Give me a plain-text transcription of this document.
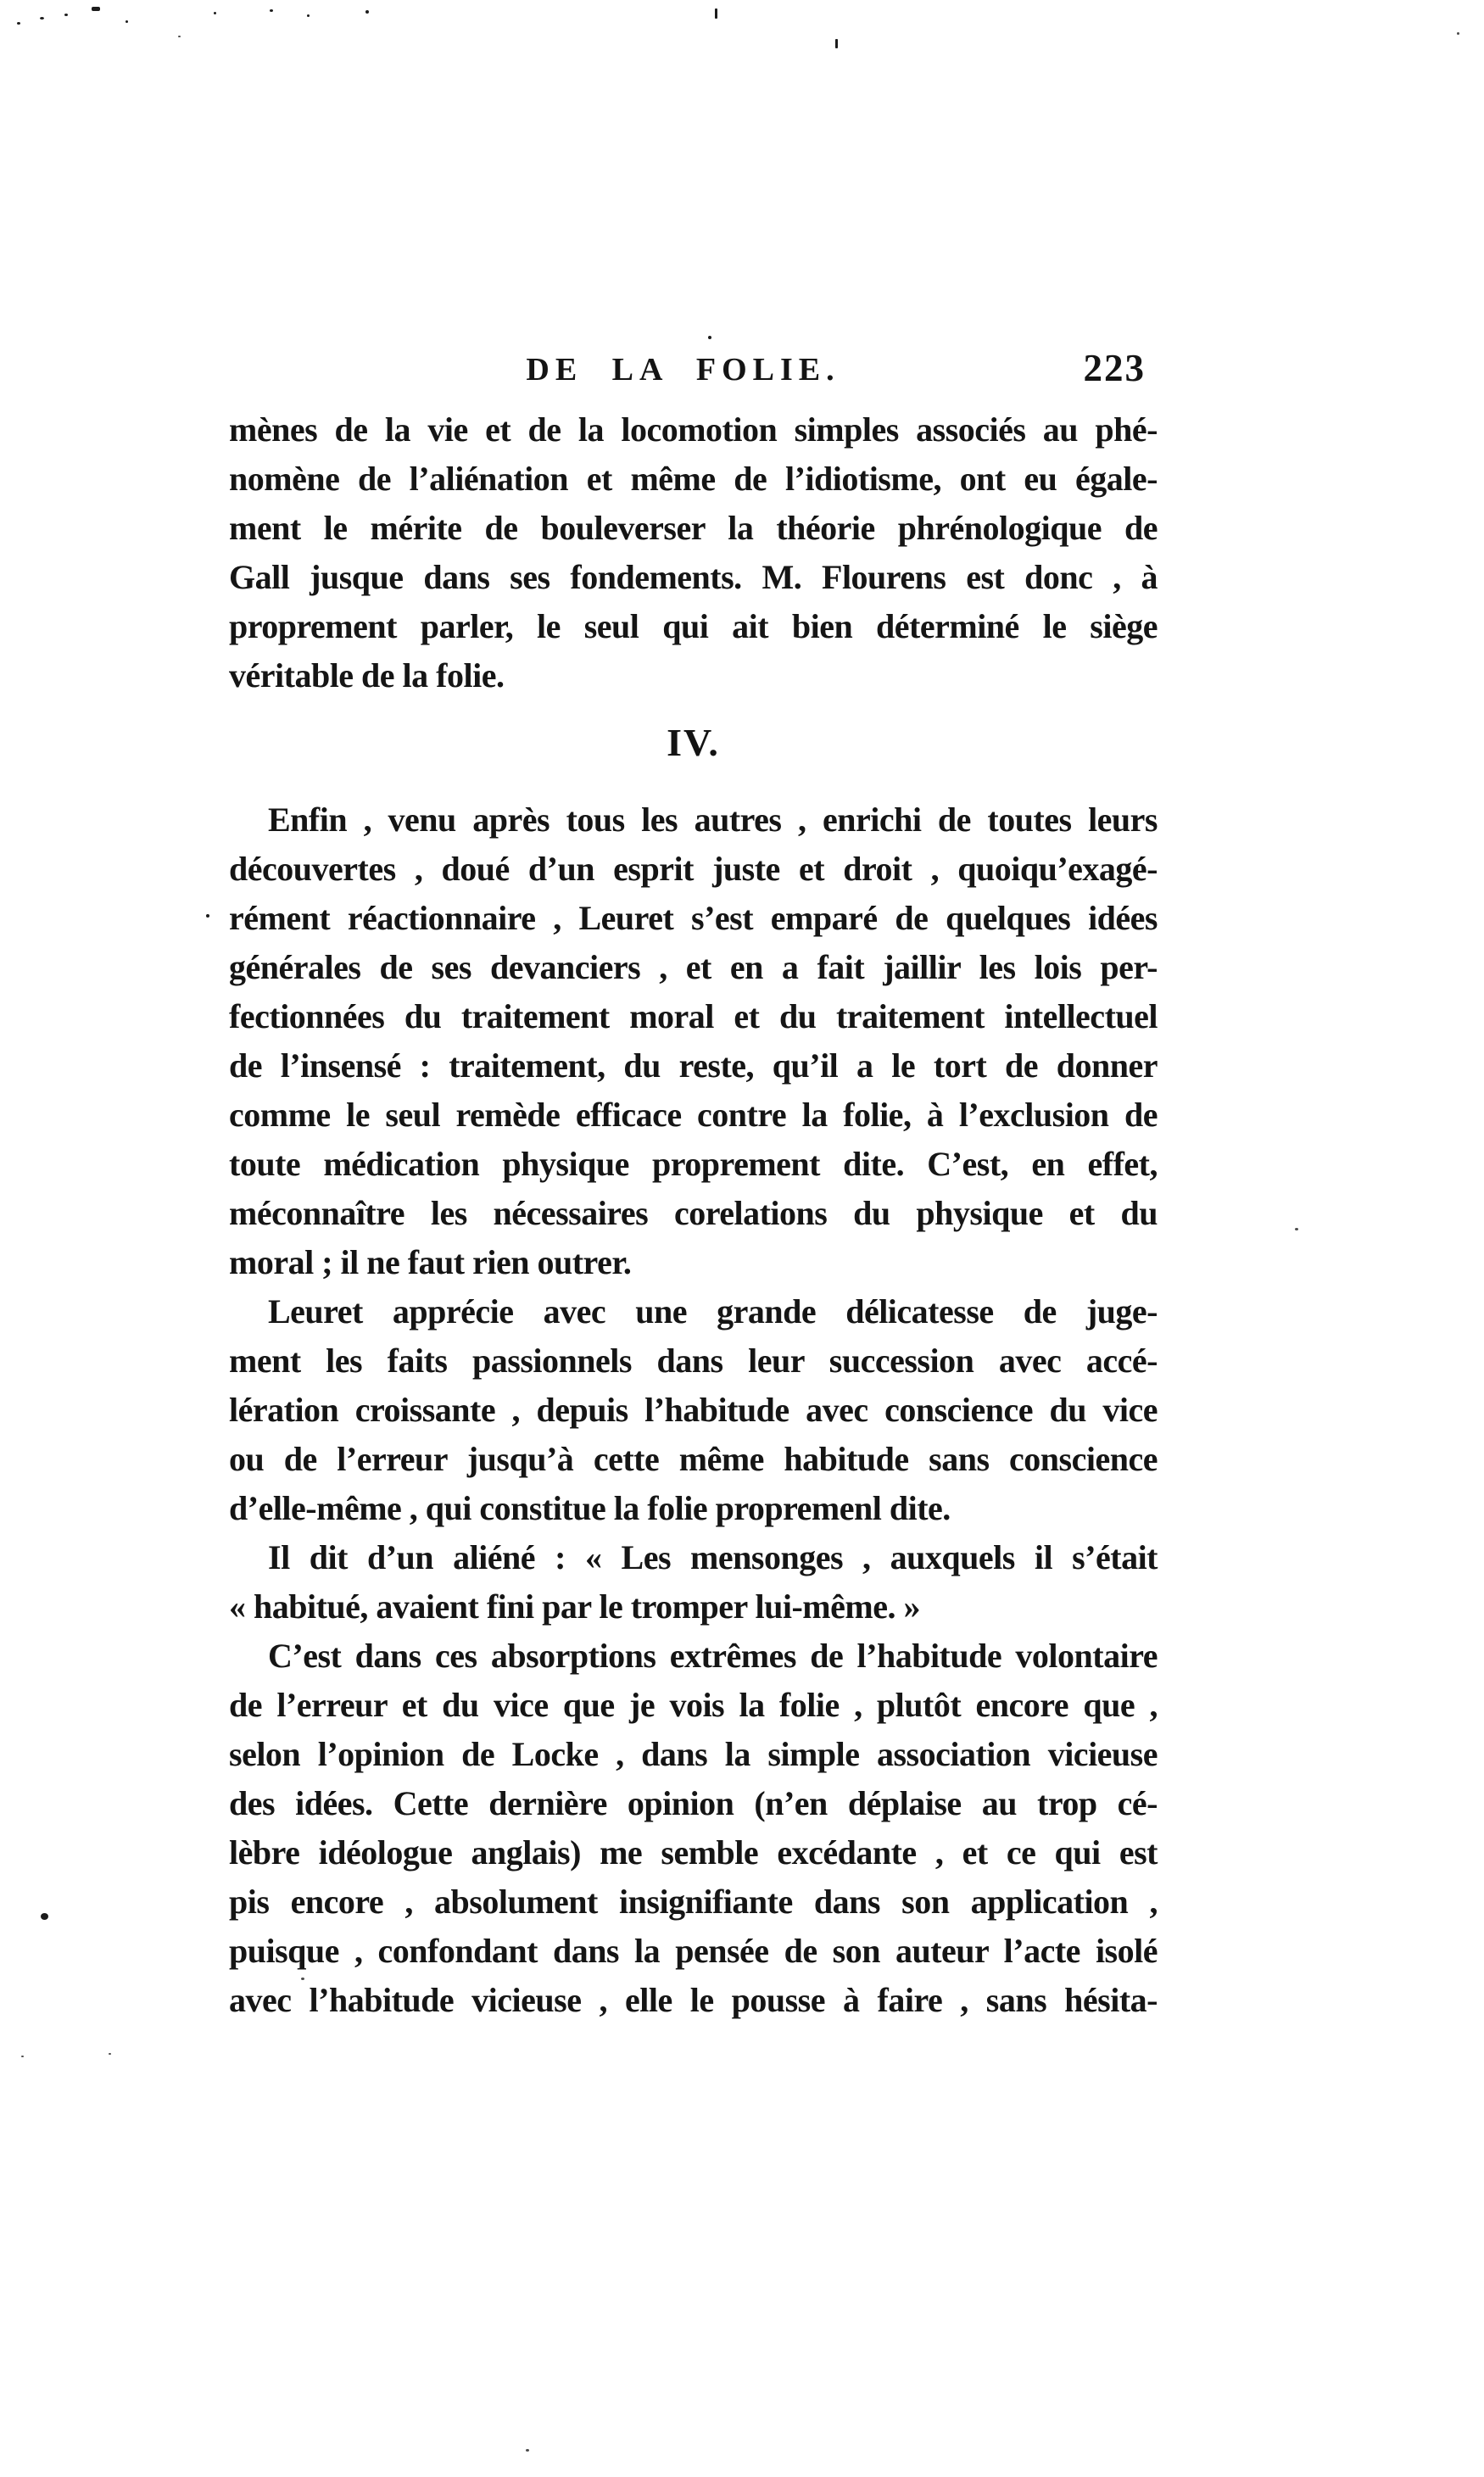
DE LA FOLIE.	223
mènes de la vie et de la locomotion simples associés au phé-
nomène de l’aliénation et même de l’idiotisme, ont eu égale-
ment le mérite de bouleverser la théorie phrénologique de
Gall jusque dans ses fondements. M. Flourens est donc , à
proprement parler, le seul qui ait bien déterminé le siège
véritable de la folie.
IV.
Enfin , venu après tous les autres , enrichi de toutes leurs
découvertes , doué d’un esprit juste et droit , quoiqu’exagé-
rément réactionnaire , Leuret s’est emparé de quelques idées
générales de ses devanciers , et en a fait jaillir les lois per-
fectionnées du traitement moral et du traitement intellectuel
de l’insensé : traitement, du reste, qu’il a le tort de donner
comme le seul remède efficace contre la folie, à l’exclusion de
toute médication physique proprement dite. C’est, en effet,
méconnaître les nécessaires corelations du physique et du
moral ; il ne faut rien outrer.
Leuret apprécie avec une grande délicatesse de juge-
ment les faits passionnels dans leur succession avec accé-
lération croissante , depuis l’habitude avec conscience du vice
ou de l’erreur jusqu’à cette même habitude sans conscience
d’elle-même , qui constitue la folie propremenl dite.
Il dit d’un aliéné : « Les mensonges , auxquels il s’était
« habitué, avaient fini par le tromper lui-même. »
C’est dans ces absorptions extrêmes de l’habitude volontaire
de l’erreur et du vice que je vois la folie , plutôt encore que ,
selon l’opinion de Locke , dans la simple association vicieuse
des idées. Cette dernière opinion (n’en déplaise au trop cé-
lèbre idéologue anglais) me semble excédante , et ce qui est
pis encore , absolument insignifiante dans son application ,
puisque , confondant dans la pensée de son auteur l’acte isolé
avec l’habitude vicieuse , elle le pousse à faire , sans hésita-
